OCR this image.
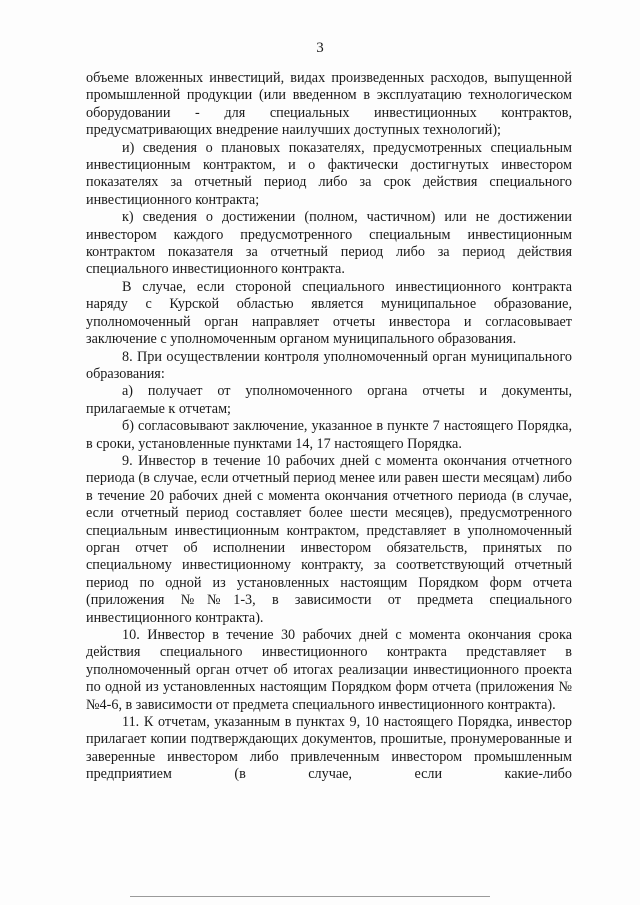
3

объеме вложенных инвестиций, видах произведенных расходов, выпущенной промышленной продукции (или введенном в эксплуатацию технологическом оборудовании - для специальных инвестиционных контрактов, предусматривающих внедрение наилучших доступных технологий);

и) сведения о плановых показателях, предусмотренных специальным инвестиционным контрактом, и о фактически достигнутых инвестором показателях за отчетный период либо за срок действия специального инвестиционного контракта;

к) сведения о достижении (полном, частичном) или не достижении инвестором каждого предусмотренного специальным инвестиционным контрактом показателя за отчетный период либо за период действия специального инвестиционного контракта.

В случае, если стороной специального инвестиционного контракта наряду с Курской областью является муниципальное образование, уполномоченный орган направляет отчеты инвестора и согласовывает заключение с уполномоченным органом муниципального образования.

8. При осуществлении контроля уполномоченный орган муниципального образования:

а) получает от уполномоченного органа отчеты и документы, прилагаемые к отчетам;

б) согласовывают заключение, указанное в пункте 7 настоящего Порядка, в сроки, установленные пунктами 14, 17 настоящего Порядка.

9. Инвестор в течение 10 рабочих дней с момента окончания отчетного периода (в случае, если отчетный период менее или равен шести месяцам) либо в течение 20 рабочих дней с момента окончания отчетного периода (в случае, если отчетный период составляет более шести месяцев), предусмотренного специальным инвестиционным контрактом, представляет в уполномоченный орган отчет об исполнении инвестором обязательств, принятых по специальному инвестиционному контракту, за соответствующий отчетный период по одной из установленных настоящим Порядком форм отчета (приложения №№1-3, в зависимости от предмета специального инвестиционного контракта).

10. Инвестор в течение 30 рабочих дней с момента окончания срока действия специального инвестиционного контракта представляет в уполномоченный орган отчет об итогах реализации инвестиционного проекта по одной из установленных настоящим Порядком форм отчета (приложения №№4-6, в зависимости от предмета специального инвестиционного контракта).

11. К отчетам, указанным в пунктах 9, 10 настоящего Порядка, инвестор прилагает копии подтверждающих документов, прошитые, пронумерованные и заверенные инвестором либо привлеченным инвестором промышленным предприятием (в случае, если какие-либо
